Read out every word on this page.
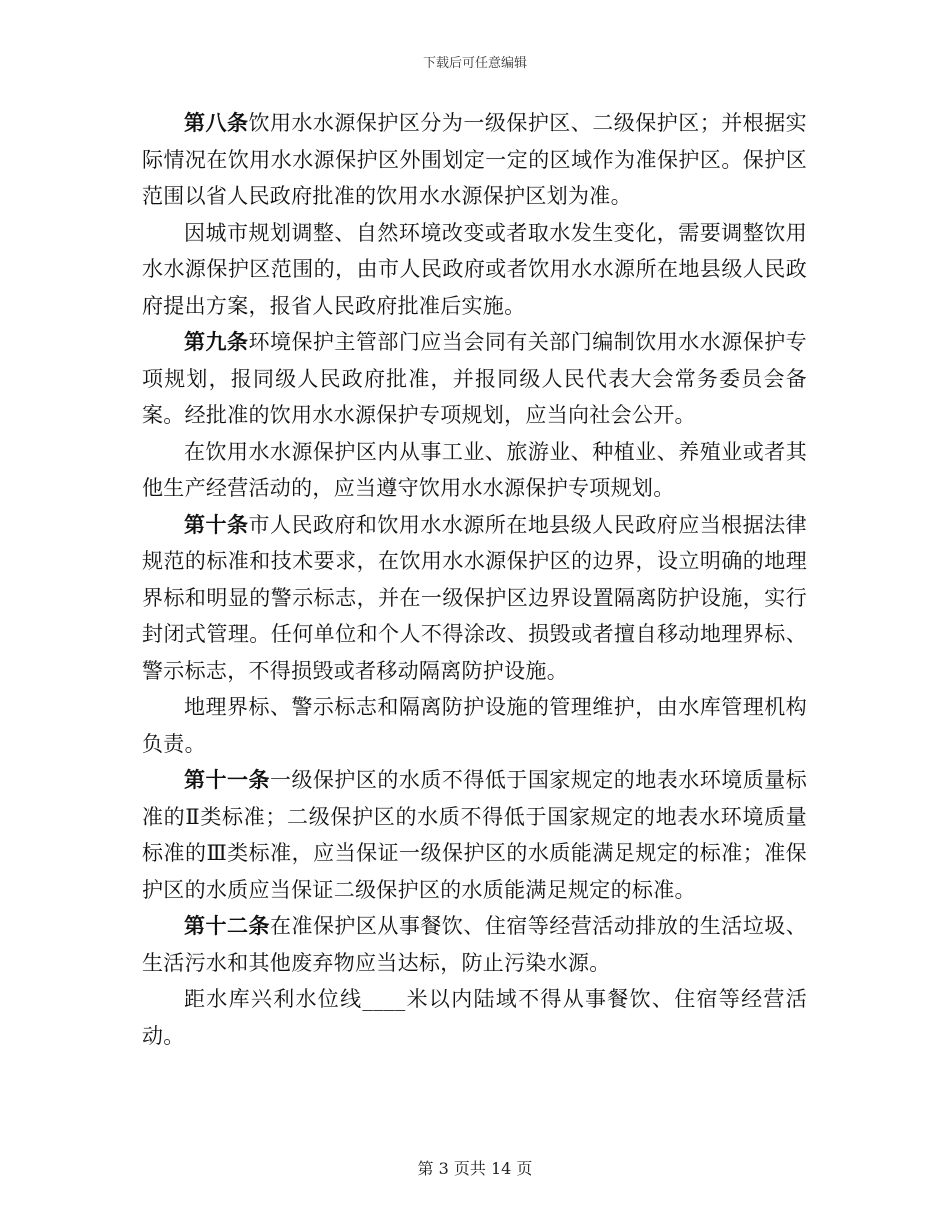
下载后可任意编辑

第八条饮用水水源保护区分为一级保护区、二级保护区；并根据实际情况在饮用水水源保护区外围划定一定的区域作为准保护区。保护区范围以省人民政府批准的饮用水水源保护区划为准。

因城市规划调整、自然环境改变或者取水发生变化，需要调整饮用水水源保护区范围的，由市人民政府或者饮用水水源所在地县级人民政府提出方案，报省人民政府批准后实施。

第九条环境保护主管部门应当会同有关部门编制饮用水水源保护专项规划，报同级人民政府批准，并报同级人民代表大会常务委员会备案。经批准的饮用水水源保护专项规划，应当向社会公开。

在饮用水水源保护区内从事工业、旅游业、种植业、养殖业或者其他生产经营活动的，应当遵守饮用水水源保护专项规划。

第十条市人民政府和饮用水水源所在地县级人民政府应当根据法律规范的标准和技术要求，在饮用水水源保护区的边界，设立明确的地理界标和明显的警示标志，并在一级保护区边界设置隔离防护设施，实行封闭式管理。任何单位和个人不得涂改、损毁或者擅自移动地理界标、警示标志，不得损毁或者移动隔离防护设施。

地理界标、警示标志和隔离防护设施的管理维护，由水库管理机构负责。

第十一条一级保护区的水质不得低于国家规定的地表水环境质量标准的Ⅱ类标准；二级保护区的水质不得低于国家规定的地表水环境质量标准的Ⅲ类标准，应当保证一级保护区的水质能满足规定的标准；准保护区的水质应当保证二级保护区的水质能满足规定的标准。

第十二条在准保护区从事餐饮、住宿等经营活动排放的生活垃圾、生活污水和其他废弃物应当达标，防止污染水源。

距水库兴利水位线____米以内陆域不得从事餐饮、住宿等经营活动。

第 3 页共 14 页
